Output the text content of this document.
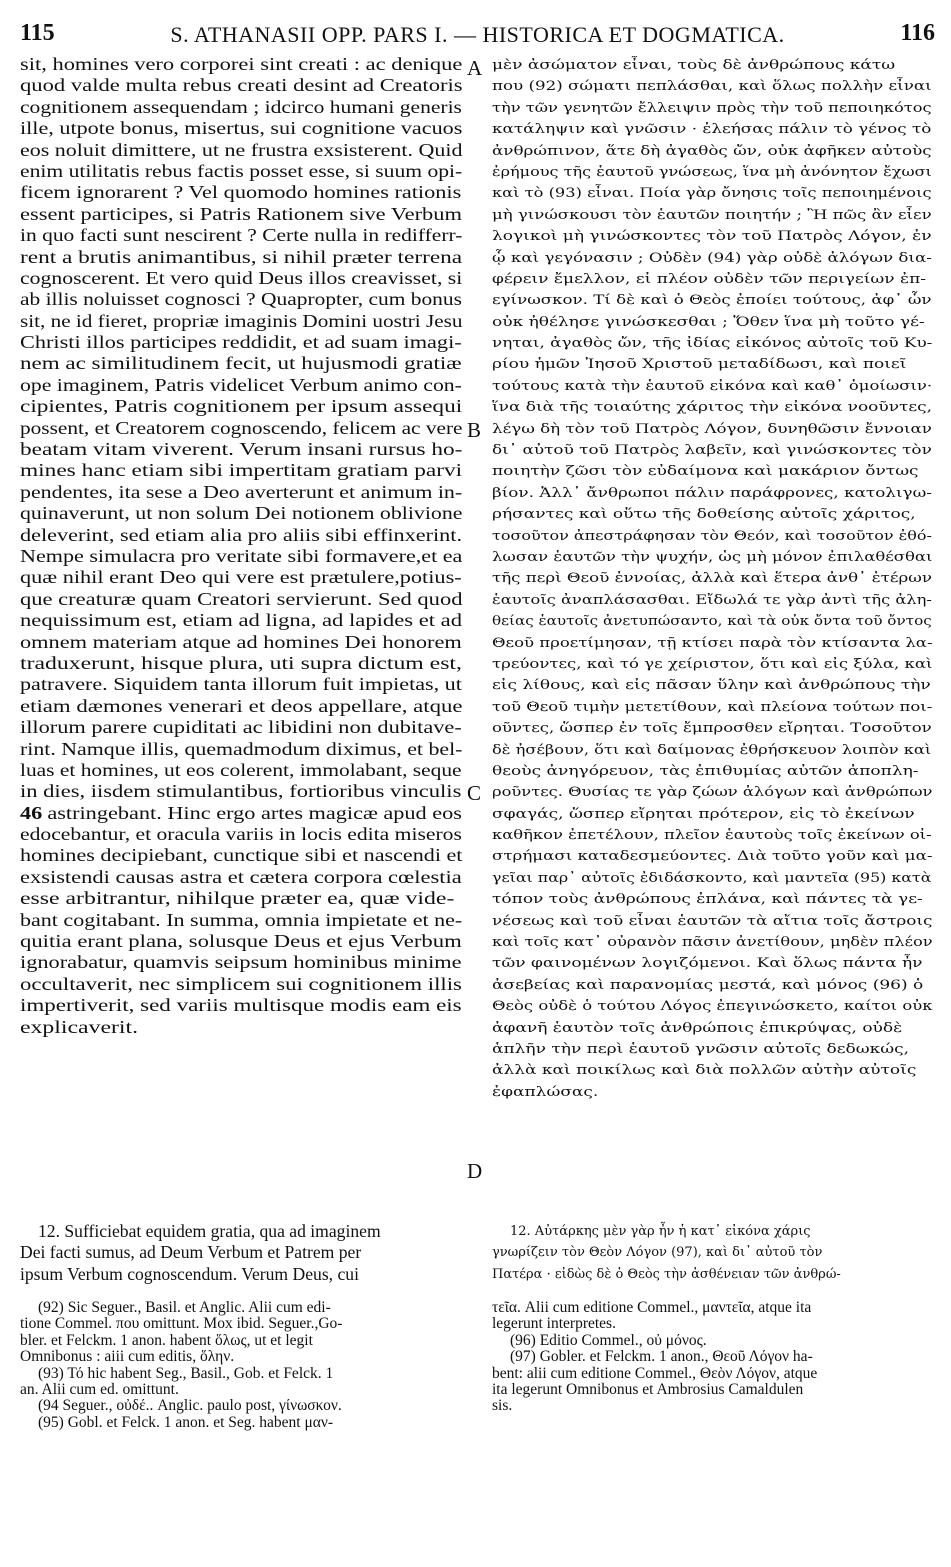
115	S. ATHANASII OPP. PARS I. — HISTORICA ET DOGMATICA.	116
sit, homines vero corporei sint creati : ac denique
quod valde multa rebus creati desint ad Creatoris
cognitionem assequendam ; idcirco humani generis
ille, utpote bonus, misertus, sui cognitione vacuos
eos noluit dimittere, ut ne frustra exsisterent. Quid
enim utilitatis rebus factis posset esse, si suum opi-
ficem ignorarent ? Vel quomodo homines rationis
essent participes, si Patris Rationem sive Verbum
in quo facti sunt nescirent ? Certe nulla in redifferr-
rent a brutis animantibus, si nihil præter terrena
cognoscerent. Et vero quid Deus illos creavisset, si
ab illis noluisset cognosci ? Quapropter, cum bonus
sit, ne id fieret, propriæ imaginis Domini uostri Jesu
Christi illos participes reddidit, et ad suam imagi-
nem ac similitudinem fecit, ut hujusmodi gratiæ
ope imaginem, Patris videlicet Verbum animo con-
cipientes, Patris cognitionem per ipsum assequi
possent, et Creatorem cognoscendo, felicem ac vere
beatam vitam viverent. Verum insani rursus ho-
mines hanc etiam sibi impertitam gratiam parvi
pendentes, ita sese a Deo averterunt et animum in-
quinaverunt, ut non solum Dei notionem oblivione
deleverint, sed etiam alia pro aliis sibi effinxerint.
Nempe simulacra pro veritate sibi formavere,et ea
quæ nihil erant Deo qui vere est prætulere,potius-
que creaturæ quam Creatori servierunt. Sed quod
nequissimum est, etiam ad ligna, ad lapides et ad
omnem materiam atque ad homines Dei honorem
traduxerunt, hisque plura, uti supra dictum est,
patravere. Siquidem tanta illorum fuit impietas, ut
etiam dæmones venerari et deos appellare, atque
illorum parere cupiditati ac libidini non dubitave-
rint. Namque illis, quemadmodum diximus, et bel-
luas et homines, ut eos colerent, immolabant, seque
in dies, iisdem stimulantibus, fortioribus vinculis
46 astringebant. Hinc ergo artes magicæ apud eos
edocebantur, et oracula variis in locis edita miseros
homines decipiebant, cunctique sibi et nascendi et
exsistendi causas astra et cætera corpora cœlestia
esse arbitrantur, nihilque præter ea, quæ vide-
bant cogitabant. In summa, omnia impietate et ne-
quitia erant plana, solusque Deus et ejus Verbum
ignorabatur, quamvis seipsum hominibus minime
occultaverit, nec simplicem sui cognitionem illis
impertiverit, sed variis multisque modis eam eis
explicaverit.
μὲν ἀσώματον εἶναι, τοὺς δὲ ἀνθρώπους κάτω
που (92) σώματι πεπλάσθαι, καὶ ὅλως πολλὴν εἶναι
τὴν τῶν γενητῶν ἔλλειψιν πρὸς τὴν τοῦ πεποιηκότος
κατάληψιν καὶ γνῶσιν · ἐλεήσας πάλιν τὸ γένος τὸ
ἀνθρώπινον, ἅτε δὴ ἀγαθὸς ὤν, οὐκ ἀφῆκεν αὐτοὺς
ἐρήμους τῆς ἑαυτοῦ γνώσεως, ἵνα μὴ ἀνόνητον ἔχωσι
καὶ τὸ (93) εἶναι. Ποία γὰρ ὄνησις τοῖς πεποιημένοις
μὴ γινώσκουσι τὸν ἑαυτῶν ποιητήν ; Ἢ πῶς ἂν εἶεν
λογικοὶ μὴ γινώσκοντες τὸν τοῦ Πατρὸς Λόγον, ἐν
ᾧ καὶ γεγόνασιν ; Οὐδὲν (94) γὰρ οὐδὲ ἀλόγων δια-
φέρειν ἔμελλον, εἰ πλέον οὐδὲν τῶν περιγείων ἐπ-
εγίνωσκον. Τί δὲ καὶ ὁ Θεὸς ἐποίει τούτους, ἀφ᾽ ὧν
οὐκ ἠθέλησε γινώσκεσθαι ; Ὅθεν ἵνα μὴ τοῦτο γέ-
νηται, ἀγαθὸς ὤν, τῆς ἰδίας εἰκόνος αὐτοῖς τοῦ Κυ-
ρίου ἡμῶν Ἰησοῦ Χριστοῦ μεταδίδωσι, καὶ ποιεῖ
τούτους κατὰ τὴν ἑαυτοῦ εἰκόνα καὶ καθ᾽ ὁμοίωσιν·
ἵνα διὰ τῆς τοιαύτης χάριτος τὴν εἰκόνα νοοῦντες,
λέγω δὴ τὸν τοῦ Πατρὸς Λόγον, δυνηθῶσιν ἔννοιαν
δι᾽ αὐτοῦ τοῦ Πατρὸς λαβεῖν, καὶ γινώσκοντες τὸν
ποιητὴν ζῶσι τὸν εὐδαίμονα καὶ μακάριον ὄντως
βίον. Ἀλλ᾽ ἄνθρωποι πάλιν παράφρονες, κατολιγω-
ρήσαντες καὶ οὕτω τῆς δοθείσης αὐτοῖς χάριτος,
τοσοῦτον ἀπεστράφησαν τὸν Θεόν, καὶ τοσοῦτον ἐθό-
λωσαν ἑαυτῶν τὴν ψυχήν, ὡς μὴ μόνον ἐπιλαθέσθαι
τῆς περὶ Θεοῦ ἐννοίας, ἀλλὰ καὶ ἕτερα ἀνθ᾽ ἑτέρων
ἑαυτοῖς ἀναπλάσασθαι. Εἴδωλά τε γὰρ ἀντὶ τῆς ἀλη-
θείας ἑαυτοῖς ἀνετυπώσαντο, καὶ τὰ οὐκ ὄντα τοῦ ὄντος
Θεοῦ προετίμησαν, τῇ κτίσει παρὰ τὸν κτίσαντα λα-
τρεύοντες, καὶ τό γε χείριστον, ὅτι καὶ εἰς ξύλα, καὶ
εἰς λίθους, καὶ εἰς πᾶσαν ὕλην καὶ ἀνθρώπους τὴν
τοῦ Θεοῦ τιμὴν μετετίθουν, καὶ πλείονα τούτων ποι-
οῦντες, ὥσπερ ἐν τοῖς ἔμπροσθεν εἴρηται. Τοσοῦτον
δὲ ἠσέβουν, ὅτι καὶ δαίμονας ἐθρήσκευον λοιπὸν καὶ
θεοὺς ἀνηγόρευον, τὰς ἐπιθυμίας αὐτῶν ἀποπλη-
ροῦντες. Θυσίας τε γὰρ ζώων ἀλόγων καὶ ἀνθρώπων
σφαγάς, ὥσπερ εἴρηται πρότερον, εἰς τὸ ἐκείνων
καθῆκον ἐπετέλουν, πλεῖον ἑαυτοὺς τοῖς ἐκείνων οἰ-
στρήμασι καταδεσμεύοντες. Διὰ τοῦτο γοῦν καὶ μα-
γεῖαι παρ᾽ αὐτοῖς ἐδιδάσκοντο, καὶ μαντεῖα (95) κατὰ
τόπον τοὺς ἀνθρώπους ἐπλάνα, καὶ πάντες τὰ γε-
νέσεως καὶ τοῦ εἶναι ἑαυτῶν τὰ αἴτια τοῖς ἄστροις
καὶ τοῖς κατ᾽ οὐρανὸν πᾶσιν ἀνετίθουν, μηδὲν πλέον
τῶν φαινομένων λογιζόμενοι. Καὶ ὅλως πάντα ἦν
ἀσεβείας καὶ παρανομίας μεστά, καὶ μόνος (96) ὁ
Θεὸς οὐδὲ ὁ τούτου Λόγος ἐπεγινώσκετο, καίτοι οὐκ
ἀφανῆ ἑαυτὸν τοῖς ἀνθρώποις ἐπικρύψας, οὐδὲ
ἁπλῆν τὴν περὶ ἑαυτοῦ γνῶσιν αὐτοῖς δεδωκώς,
ἀλλὰ καὶ ποικίλως καὶ διὰ πολλῶν αὐτὴν αὐτοῖς
ἐφαπλώσας.
A
B
C
D
12. Sufficiebat equidem gratia, qua ad imaginem
Dei facti sumus, ad Deum Verbum et Patrem per
ipsum Verbum cognoscendum. Verum Deus, cui
12. Αὐτάρκης μὲν γὰρ ἦν ἡ κατ᾽ εἰκόνα χάρις
γνωρίζειν τὸν Θεὸν Λόγον (97), καὶ δι᾽ αὐτοῦ τὸν
Πατέρα · εἰδὼς δὲ ὁ Θεὸς τὴν ἀσθένειαν τῶν ἀνθρώ-
(92) Sic Seguer., Basil. et Anglic. Alii cum edi-
tione Commel. που omittunt. Mox ibid. Seguer.,Go-
bler. et Felckm. 1 anon. habent ὅλως, ut et legit
Omnibonus : aiii cum editis, ὅλην.
(93) Τό hic habent Seg., Basil., Gob. et Felck. 1
an. Alii cum ed. omittunt.
(94 Seguer., οὐδέ.. Anglic. paulo post, γίνωσκον.
(95) Gobl. et Felck. 1 anon. et Seg. habent μαν-
τεῖα. Alii cum editione Commel., μαντεῖα, atque ita
legerunt interpretes.
(96) Editio Commel., οὐ μόνος.
(97) Gobler. et Felckm. 1 anon., Θεοῦ Λόγον ha-
bent: alii cum editione Commel., Θεὸν Λόγον, atque
ita legerunt Omnibonus et Ambrosius Camaldulen
sis.
